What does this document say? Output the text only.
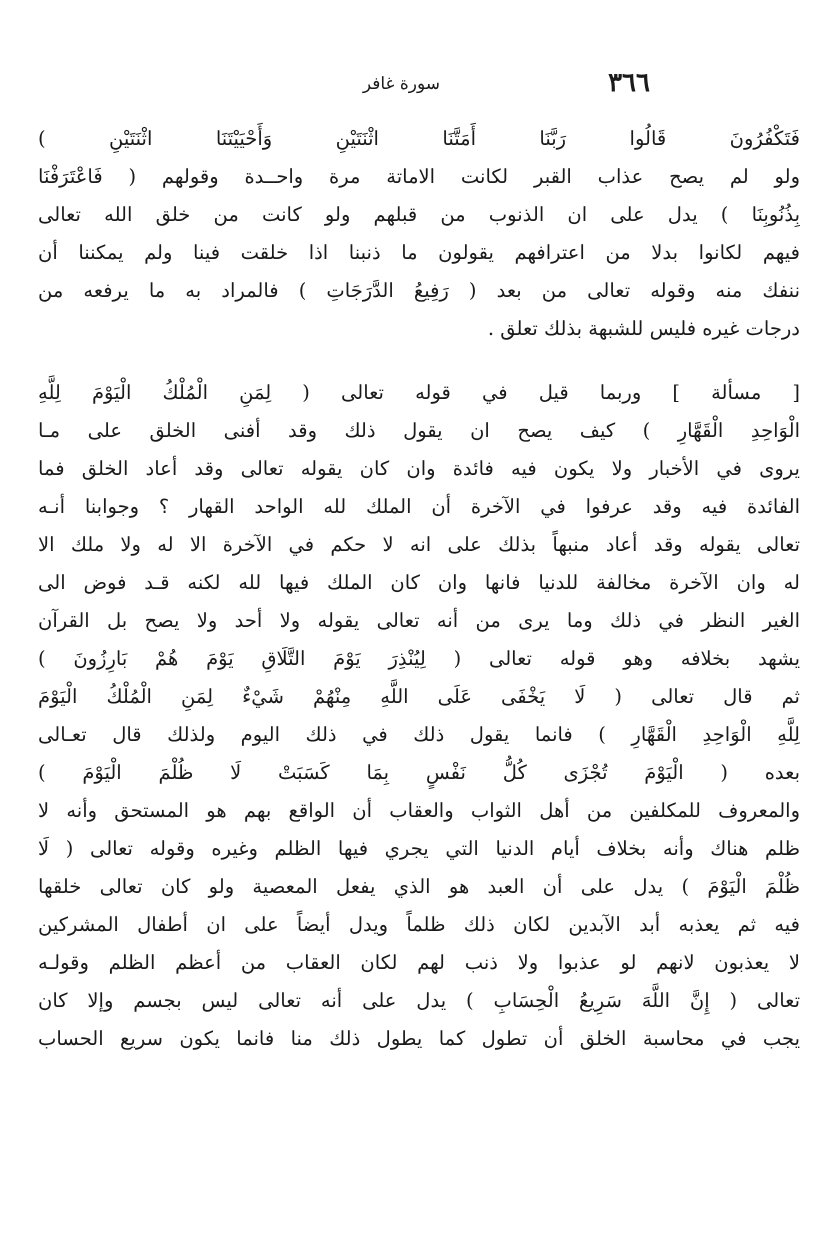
٣٦٦
سورة غافر
فَتَكْفُرُونَ قَالُوا رَبَّنَا أَمَتَّنَا اثْنَتَيْنِ وَأَحْيَيْتَنَا اثْنَتَيْنِ )
ولو لم يصح عذاب القبر لكانت الاماتة مرة واحــدة وقولهم ( فَاعْتَرَفْنَا
بِذُنُوبِنَا ) يدل على ان الذنوب من قبلهم ولو كانت من خلق الله تعالى
فيهم لكانوا بدلا من اعترافهم يقولون ما ذنبنا اذا خلقت فينا ولم يمكننا أن
ننفك منه وقوله تعالى من بعد ( رَفِيعُ الدَّرَجَاتِ ) فالمراد به ما يرفعه من
درجات غيره فليس للشبهة بذلك تعلق .
[ مسألة ] وربما قيل في قوله تعالى ( لِمَنِ الْمُلْكُ الْيَوْمَ لِلَّهِ
الْوَاحِدِ الْقَهَّارِ ) كيف يصح ان يقول ذلك وقد أفنى الخلق على مـا
يروى في الأخبار ولا يكون فيه فائدة وان كان يقوله تعالى وقد أعاد الخلق فما
الفائدة فيه وقد عرفوا في الآخرة أن الملك لله الواحد القهار ؟ وجوابنا أنـه
تعالى يقوله وقد أعاد منبهاً بذلك على انه لا حكم في الآخرة الا له ولا ملك الا
له وان الآخرة مخالفة للدنيا فانها وان كان الملك فيها لله لكنه قـد فوض الى
الغير النظر في ذلك وما يرى من أنه تعالى يقوله ولا أحد ولا يصح بل القرآن
يشهد بخلافه وهو قوله تعالى ( لِيُنْذِرَ يَوْمَ التَّلَاقِ يَوْمَ هُمْ بَارِزُونَ )
ثم قال تعالى ( لَا يَخْفَى عَلَى اللَّهِ مِنْهُمْ شَيْءٌ لِمَنِ الْمُلْكُ الْيَوْمَ
لِلَّهِ الْوَاحِدِ الْقَهَّارِ ) فانما يقول ذلك في ذلك اليوم ولذلك قال تعـالى
بعده ( الْيَوْمَ تُجْزَى كُلُّ نَفْسٍ بِمَا كَسَبَتْ لَا ظُلْمَ الْيَوْمَ )
والمعروف للمكلفين من أهل الثواب والعقاب أن الواقع بهم هو المستحق وأنه لا
ظلم هناك وأنه بخلاف أيام الدنيا التي يجري فيها الظلم وغيره وقوله تعالى ( لَا
ظُلْمَ الْيَوْمَ ) يدل على أن العبد هو الذي يفعل المعصية ولو كان تعالى خلقها
فيه ثم يعذبه أبد الآبدين لكان ذلك ظلماً ويدل أيضاً على ان أطفال المشركين
لا يعذبون لانهم لو عذبوا ولا ذنب لهم لكان العقاب من أعظم الظلم وقولـه
تعالى ( إِنَّ اللَّهَ سَرِيعُ الْحِسَابِ ) يدل على أنه تعالى ليس بجسم وإلا كان
يجب في محاسبة الخلق أن تطول كما يطول ذلك منا فانما يكون سريع الحساب
